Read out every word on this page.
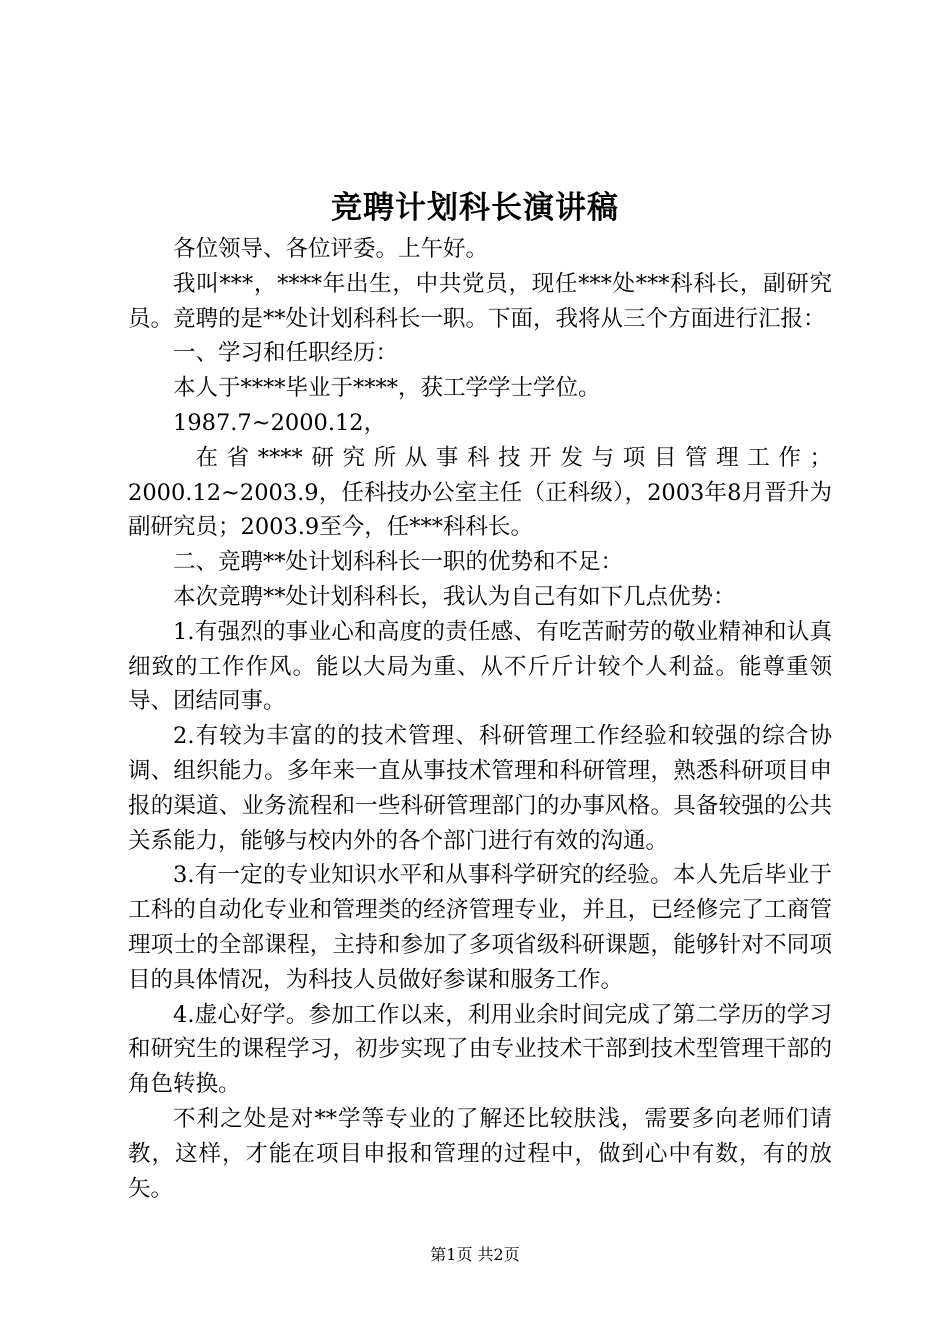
竞聘计划科长演讲稿

各位领导、各位评委。上午好。

我叫***，****年出生，中共党员，现任***处***科科长，副研究员。竞聘的是**处计划科科长一职。下面，我将从三个方面进行汇报：

一、学习和任职经历：

本人于****毕业于****，获工学学士学位。

1987.7~2000.12，

在省****研究所从事科技开发与项目管理工作；2000.12~2003.9，任科技办公室主任（正科级），2003年8月晋升为副研究员；2003.9至今，任***科科长。

二、竞聘**处计划科科长一职的优势和不足：

本次竞聘**处计划科科长，我认为自己有如下几点优势：

1.有强烈的事业心和高度的责任感、有吃苦耐劳的敬业精神和认真细致的工作作风。能以大局为重、从不斤斤计较个人利益。能尊重领导、团结同事。

2.有较为丰富的的技术管理、科研管理工作经验和较强的综合协调、组织能力。多年来一直从事技术管理和科研管理，熟悉科研项目申报的渠道、业务流程和一些科研管理部门的办事风格。具备较强的公共关系能力，能够与校内外的各个部门进行有效的沟通。

3.有一定的专业知识水平和从事科学研究的经验。本人先后毕业于工科的自动化专业和管理类的经济管理专业，并且，已经修完了工商管理项士的全部课程，主持和参加了多项省级科研课题，能够针对不同项目的具体情况，为科技人员做好参谋和服务工作。

4.虚心好学。参加工作以来，利用业余时间完成了第二学历的学习和研究生的课程学习，初步实现了由专业技术干部到技术型管理干部的角色转换。

不利之处是对**学等专业的了解还比较肤浅，需要多向老师们请教，这样，才能在项目申报和管理的过程中，做到心中有数，有的放矢。

第1页 共2页
